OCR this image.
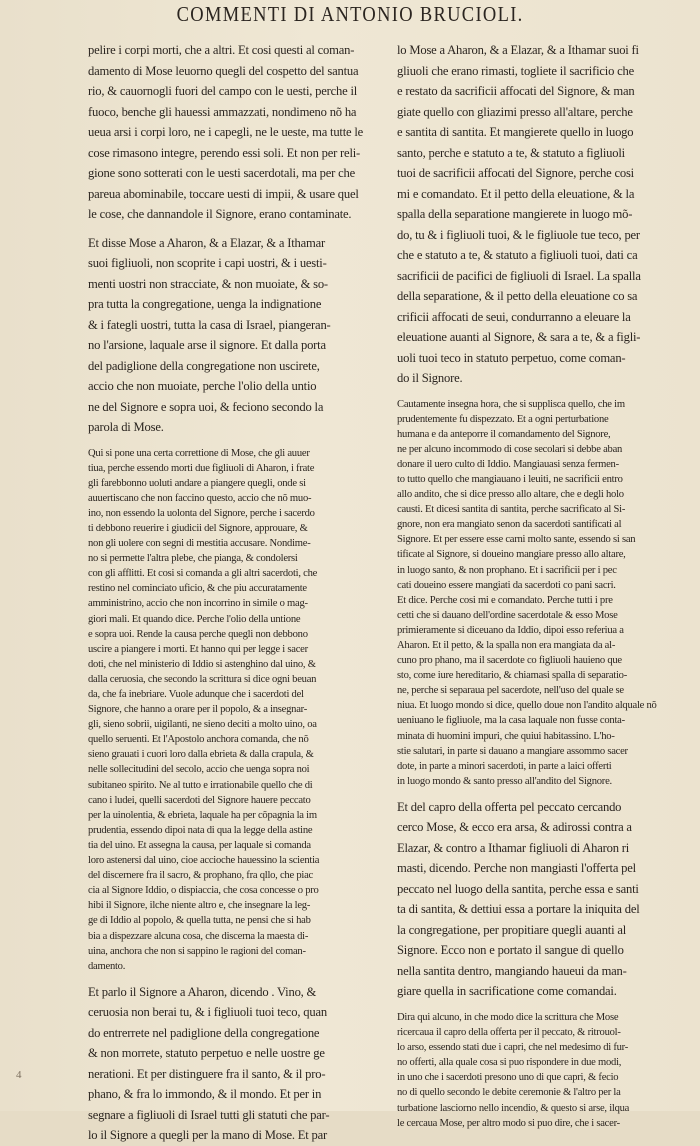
COMMENTI DI ANTONIO BRUCIOLI.
pelire i corpi morti, che a altri. Et cosi questi al coman-
damento di Mose leuorno quegli del cospetto del santua
rio, & cauornogli fuori del campo con le uesti, perche il
fuoco, benche gli hauessi ammazzati, nondimeno nõ ha
ueua arsi i corpi loro, ne i capegli, ne le ueste, ma tutte le
cose rimasono integre, perendo essi soli. Et non per reli-
gione sono sotterati con le uesti sacerdotali, ma per che
pareua abominabile, toccare uesti di impii, & usare quel
le cose, che dannandole il Signore, erano contaminate.
Et disse Mose a Aharon, & a Elazar, & a Ithamar
suoi figliuoli, non scoprite i capi uostri, & i uesti-
menti uostri non stracciate, & non muoiate, & so-
pra tutta la congregatione, uenga la indignatione
& i fategli uostri, tutta la casa di Israel, piangeran-
no l'arsione, laquale arse il signore. Et dalla porta
del padiglione della congregatione non uscirete,
accio che non muoiate, perche l'olio della untio
ne del Signore e sopra uoi, & feciono secondo la
parola di Mose.
Qui si pone una certa correttione di Mose, che gli auuer
tiua, perche essendo morti due figliuoli di Aharon, i frate
gli farebbonno uoluti andare a piangere quegli, onde si
auuertiscano che non faccino questo, accio che nõ muo-
ino, non essendo la uolonta del Signore, perche i sacerdo
ti debbono reuerire i giudicii del Signore, approuare, &
non gli uolere con segni di mestitia accusare. Nondime-
no si permette l'altra plebe, che pianga, & condolersi
con gli afflitti. Et cosi si comanda a gli altri sacerdoti, che
restino nel cominciato uficio, & che piu accuratamente
amministrino, accio che non incorrino in simile o mag-
giori mali. Et quando dice. Perche l'olio della untione
e sopra uoi. Rende la causa perche quegli non debbono
uscire a piangere i morti. Et hanno qui per legge i sacer
doti, che nel ministerio di Iddio si astenghino dal uino, &
dalla ceruosia, che secondo la scrittura si dice ogni beuan
da, che fa inebriare. Vuole adunque che i sacerdoti del
Signore, che hanno a orare per il popolo, & a insegnar-
gli, sieno sobrii, uigilanti, ne sieno deciti a molto uino, oa
quello seruenti. Et l'Apostolo anchora comanda, che nõ
sieno grauati i cuori loro dalla ebrieta & dalla crapula, &
nelle sollecitudini del secolo, accio che uenga sopra noi
subitaneo spirito. Ne al tutto e irrationabile quello che di
cano i ludei, quelli sacerdoti del Signore hauere peccato
per la uinolentia, & ebrieta, laquale ha per cõpagnia la im
prudentia, essendo dipoi nata di qua la legge della astine
tia del uino. Et assegna la causa, per laquale si comanda
loro astenersi dal uino, cioe accioche hauessino la scientia
del discernere fra il sacro, & prophano, fra qllo, che piac
cia al Signore Iddio, o dispiaccia, che cosa concesse o pro
hibi il Signore, ilche niente altro e, che insegnare la leg-
ge di Iddio al popolo, & quella tutta, ne pensi che si hab
bia a dispezzare alcuna cosa, che discerna la maesta di-
uina, anchora che non si sappino le ragioni del coman-
damento.
Et parlo il Signore a Aharon, dicendo . Vino, &
ceruosia non berai tu, & i figliuoli tuoi teco, quan
do entrerrete nel padiglione della congregatione
& non morrete, statuto perpetuo e nelle uostre ge
nerationi. Et per distinguere fra il santo, & il pro-
phano, & fra lo immondo, & il mondo. Et per in
segnare a figliuoli di Israel tutti gli statuti che par-
lo il Signore a quegli per la mano di Mose. Et par
lo Mose a Aharon, & a Elazar, & a Ithamar suoi fi
gliuoli che erano rimasti, togliete il sacrificio che
e restato da sacrificii affocati del Signore, & man
giate quello con gliazimi presso all'altare, perche
e santita di santita. Et mangierete quello in luogo
santo, perche e statuto a te, & statuto a figliuoli
tuoi de sacrificii affocati del Signore, perche cosi
mi e comandato. Et il petto della eleuatione, & la
spalla della separatione mangierete in luogo mõ-
do, tu & i figliuoli tuoi, & le figliuole tue teco, per
che e statuto a te, & statuto a figliuoli tuoi, dati ca
sacrificii de pacifici de figliuoli di Israel. La spalla
della separatione, & il petto della eleuatione co sa
crificii affocati de seui, condurranno a eleuare la
eleuatione auanti al Signore, & sara a te, & a figli-
uoli tuoi teco in statuto perpetuo, come coman-
do il Signore.
Cautamente insegna hora, che si supplisca quello, che im
prudentemente fu dispezzato. Et a ogni perturbatione
humana e da anteporre il comandamento del Signore,
ne per alcuno incommodo di cose secolari si debbe aban
donare il uero culto di Iddio. Mangiauasi senza fermen-
to tutto quello che mangiauano i leuiti, ne sacrificii entro
allo andito, che si dice presso allo altare, che e degli holo
causti. Et dicesi santita di santita, perche sacrificato al Si-
gnore, non era mangiato senon da sacerdoti santificati al
Signore. Et per essere esse carni molto sante, essendo si san
tificate al Signore, si doueino mangiare presso allo altare,
in luogo santo, & non prophano. Et i sacrificii per i pec
cati doueino essere mangiati da sacerdoti co pani sacri.
Et dice. Perche cosi mi e comandato. Perche tutti i pre
cetti che si dauano dell'ordine sacerdotale & esso Mose
primieramente si diceuano da Iddio, dipoi esso referiua a
Aharon. Et il petto, & la spalla non era mangiata da al-
cuno pro phano, ma il sacerdote co figliuoli hauieno que
sto, come iure hereditario, & chiamasi spalla di separatio-
ne, perche si separaua pel sacerdote, nell'uso del quale se
niua. Et luogo mondo si dice, quello doue non l'andito alquale nõ
ueniuano le figliuole, ma la casa laquale non fusse conta-
minata di huomini impuri, che quiui habitassino. L'ho-
stie salutari, in parte si dauano a mangiare assommo sacer
dote, in parte a minori sacerdoti, in parte a laici offerti
in luogo mondo & santo presso all'andito del Signore.
Et del capro della offerta pel peccato cercando
cerco Mose, & ecco era arsa, & adirossi contra a
Elazar, & contro a Ithamar figliuoli di Aharon ri
masti, dicendo. Perche non mangiasti l'offerta pel
peccato nel luogo della santita, perche essa e santi
ta di santita, & dettiui essa a portare la iniquita del
la congregatione, per propitiare quegli auanti al
Signore. Ecco non e portato il sangue di quello
nella santita dentro, mangiando haueui da man-
giare quella in sacrificatione come comandai.
Dira qui alcuno, in che modo dice la scrittura che Mose
ricercaua il capro della offerta per il peccato, & ritrouol-
lo arso, essendo stati due i capri, che nel medesimo di fur-
no offerti, alla quale cosa si puo rispondere in due modi,
in uno che i sacerdoti presono uno di que capri, & fecio
no di quello secondo le debite ceremonie & l'altro per la
turbatione lasciorno nello incendio, & questo si arse, ilqua
le cercaua Mose, per altro modo si puo dire, che i sacer-
4
